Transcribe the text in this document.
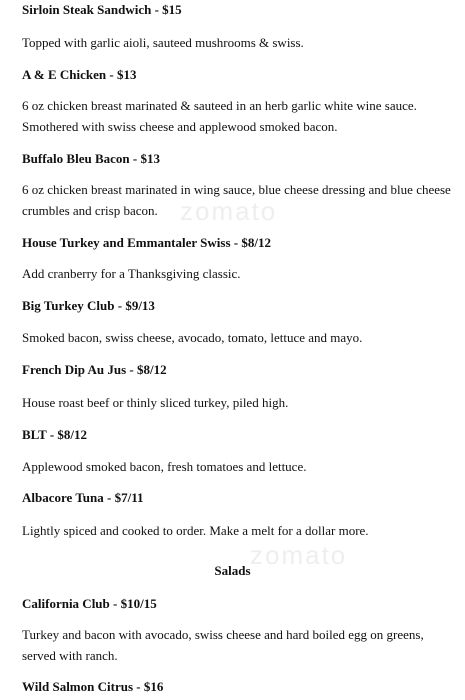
Sirloin Steak Sandwich - $15
Topped with garlic aioli, sauteed mushrooms & swiss.
A & E Chicken - $13
6 oz chicken breast marinated & sauteed in an herb garlic white wine sauce. Smothered with swiss cheese and applewood smoked bacon.
Buffalo Bleu Bacon - $13
6 oz chicken breast marinated in wing sauce, blue cheese dressing and blue cheese crumbles and crisp bacon.
House Turkey and Emmantaler Swiss - $8/12
Add cranberry for a Thanksgiving classic.
Big Turkey Club - $9/13
Smoked bacon, swiss cheese, avocado, tomato, lettuce and mayo.
French Dip Au Jus - $8/12
House roast beef or thinly sliced turkey, piled high.
BLT - $8/12
Applewood smoked bacon, fresh tomatoes and lettuce.
Albacore Tuna - $7/11
Lightly spiced and cooked to order. Make a melt for a dollar more.
Salads
California Club - $10/15
Turkey and bacon with avocado, swiss cheese and hard boiled egg on greens, served with ranch.
Wild Salmon Citrus - $16
zomato
zomato
